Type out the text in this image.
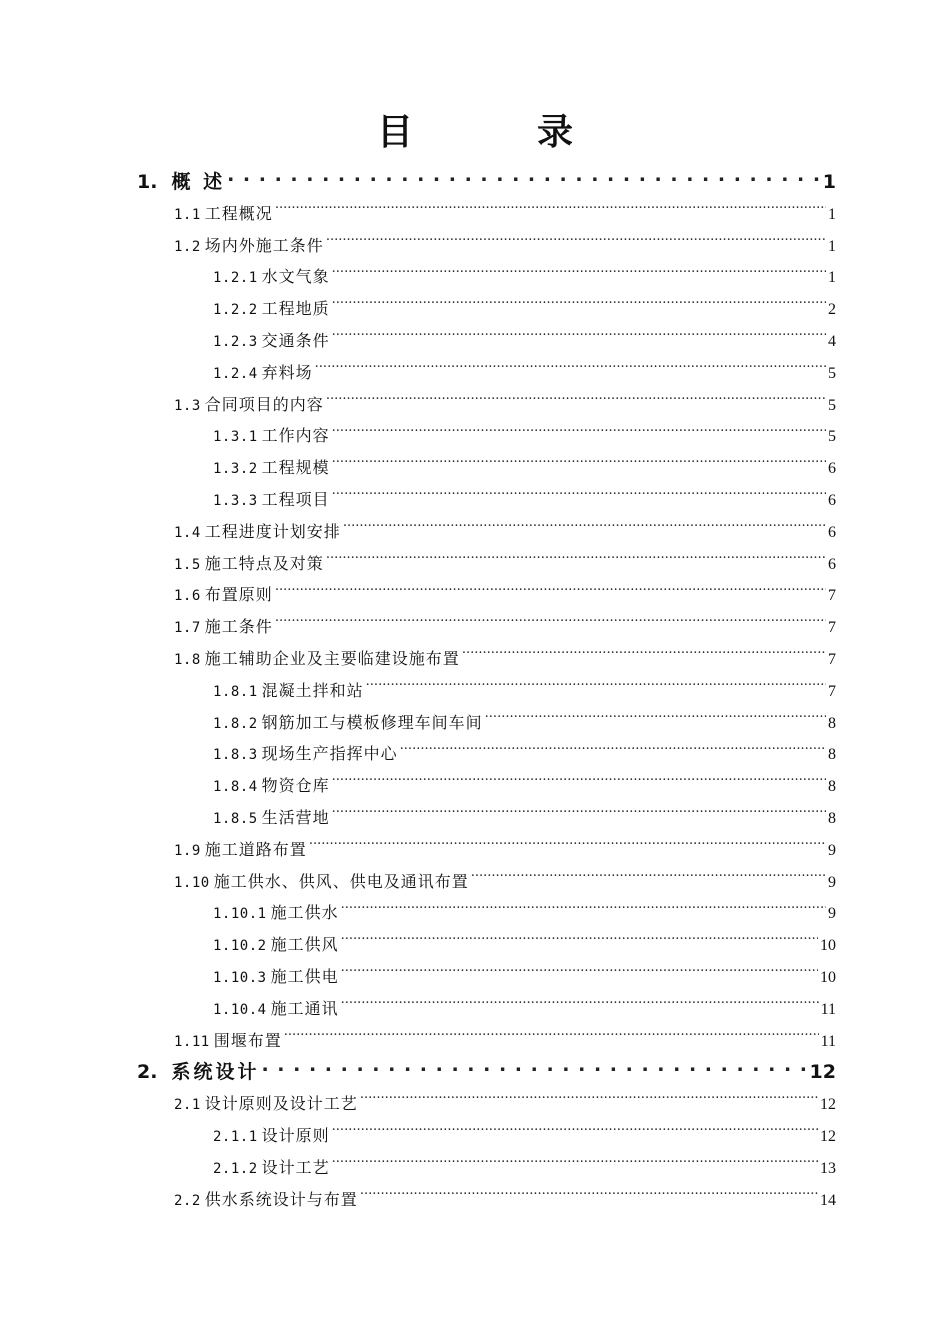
目　录
1. 概 述 . . .	1
1.1 工程概况 .....	1
1.2 场内外施工条件 .....	1
1.2.1 水文气象 .....	1
1.2.2 工程地质 .....	2
1.2.3 交通条件 .....	4
1.2.4 弃料场 .....	5
1.3 合同项目的内容 .....	5
1.3.1 工作内容 .....	5
1.3.2 工程规模 .....	6
1.3.3 工程项目 .....	6
1.4 工程进度计划安排 .....	6
1.5 施工特点及对策 .....	6
1.6 布置原则 .....	7
1.7 施工条件 .....	7
1.8 施工辅助企业及主要临建设施布置 .....	7
1.8.1 混凝土拌和站 .....	7
1.8.2 钢筋加工与模板修理车间车间 .....	8
1.8.3 现场生产指挥中心 .....	8
1.8.4 物资仓库 .....	8
1.8.5 生活营地 .....	8
1.9 施工道路布置 .....	9
1.10 施工供水、供风、供电及通讯布置 .....	9
1.10.1 施工供水 .....	9
1.10.2 施工供风 .....	10
1.10.3 施工供电 .....	10
1.10.4 施工通讯 .....	11
1.11 围堰布置 .....	11
2. 系统设计 . . .	12
2.1 设计原则及设计工艺 .....	12
2.1.1 设计原则 .....	12
2.1.2 设计工艺 .....	13
2.2 供水系统设计与布置 .....	14
